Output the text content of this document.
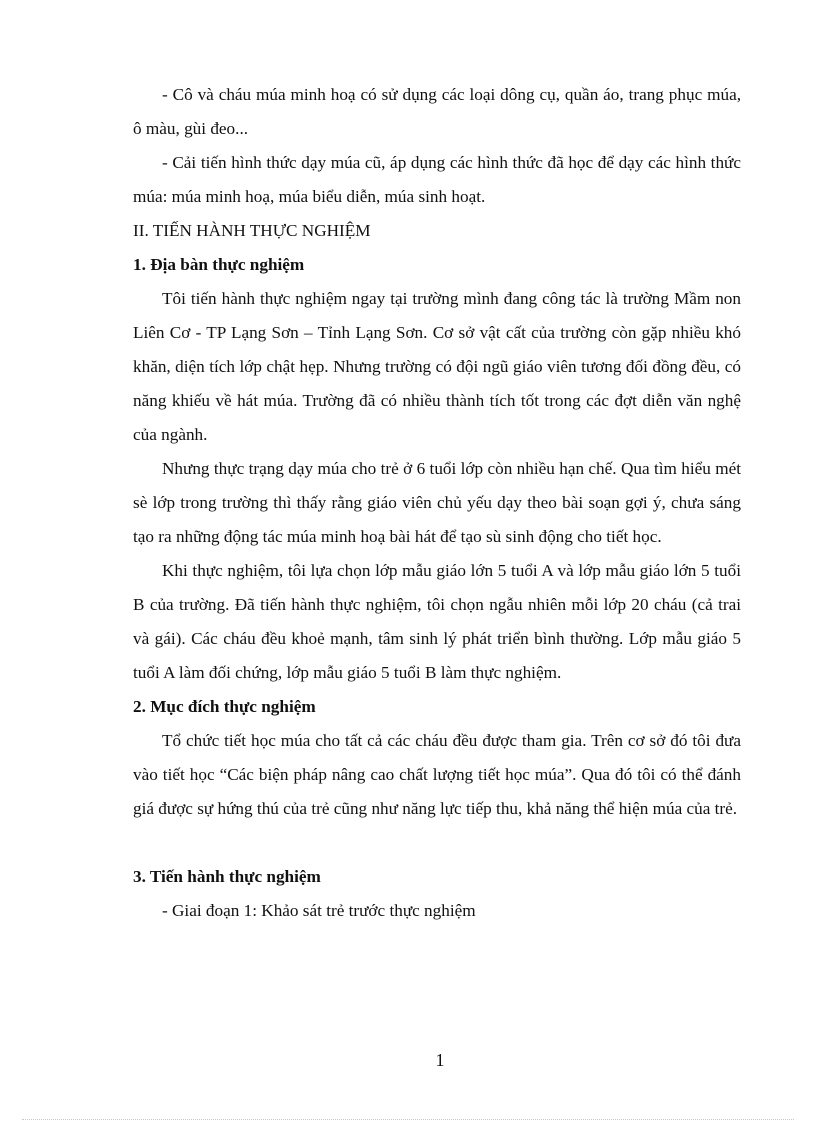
- Cô và cháu múa minh hoạ có sử dụng các loại dông cụ, quần áo, trang phục múa, ô màu, gùi đeo...

- Cải tiến hình thức dạy múa cũ, áp dụng các hình thức đã học để dạy các hình thức múa: múa minh hoạ, múa biểu diễn, múa sinh hoạt.

II. TIẾN HÀNH THỰC NGHIỆM

1. Địa bàn thực nghiệm

Tôi tiến hành thực nghiệm ngay tại trường mình đang công tác là trường Mầm non Liên Cơ - TP Lạng Sơn – Tỉnh Lạng Sơn. Cơ sở vật cất của trường còn gặp nhiều khó khăn, diện tích lớp chật hẹp. Nhưng trường có đội ngũ giáo viên tương đối đồng đều, có năng khiếu về hát múa. Trường đã có nhiều thành tích tốt trong các đợt diễn văn nghệ của ngành.

Nhưng thực trạng dạy múa cho trẻ ở 6 tuổi lớp còn nhiều hạn chế. Qua tìm hiểu mét sè lớp trong trường thì thấy rằng giáo viên chủ yếu dạy theo bài soạn gợi ý, chưa sáng tạo ra những động tác múa minh hoạ bài hát để tạo sù sinh động cho tiết học.

Khi thực nghiệm, tôi lựa chọn lớp mẫu giáo lớn 5 tuổi A và lớp mẫu giáo lớn 5 tuổi B của trường. Đã tiến hành thực nghiệm, tôi chọn ngẫu nhiên mỗi lớp 20 cháu (cả trai và gái). Các cháu đều khoẻ mạnh, tâm sinh lý phát triển bình thường. Lớp mẫu giáo 5 tuổi A làm đối chứng, lớp mẫu giáo 5 tuổi B làm thực nghiệm.

2. Mục đích thực nghiệm

Tổ chức tiết học múa cho tất cả các cháu đều được tham gia. Trên cơ sở đó tôi đưa vào tiết học “Các biện pháp nâng cao chất lượng tiết học múa”. Qua đó tôi có thể đánh giá được sự hứng thú của trẻ cũng như năng lực tiếp thu, khả năng thể hiện múa của trẻ.

3. Tiến hành thực nghiệm

- Giai đoạn 1: Khảo sát trẻ trước thực nghiệm

1
